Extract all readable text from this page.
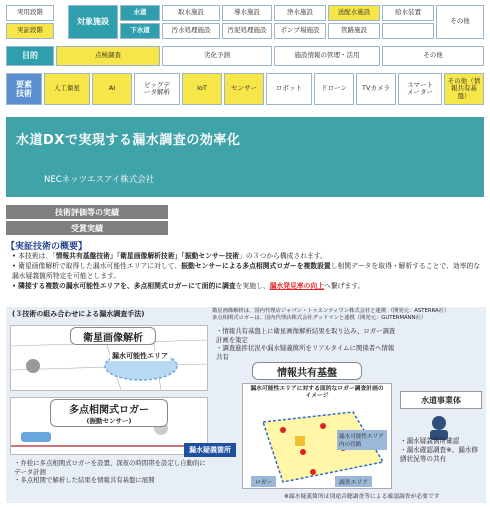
実用段階
実証段階
対象施設
水道	取水施設	導水施設	浄水施設	送配水施設	給水装置
その他
下水道	汚水処理施設	汚泥処理施設	ポンプ場施設	管路施設
目的	点検調査	劣化予測	施設情報の管理・活用	その他
要素技術
人工衛星	AI	ビッグデータ解析	IoT	センサー	ロボット	ドローン	TVカメラ	スマートメーター
その他（情報共有基盤）
水道DXで実現する漏水調査の効率化
NECネッツエスアイ株式会社
技術評価等の実績
受賞実績
【実証技術の概要】
• 本技術は、「情報共有基盤技術」「衛星画像解析技術」「振動センサー技術」の３つから構成されます。
• 衛星画像解析で取得した漏水可能性エリアに対して、振動センサーによる多点相関式ロガーを複数設置し相関データを取得・解析することで、効率的な漏水疑義箇所特定を可能とします。
• 隣接する複数の漏水可能性エリアを、多点相関式ロガーにて面的に調査を実施し、漏水発見率の向上へ繋げます。
(３技術の組み合わせによる漏水調査手法)	衛星画像解析は、国内代理店ジャパン・トゥエンティワン株式会社と連携 （開発元：ASTERRA社）
多点相関式ロガーは、国内代理店株式会社グッドマンと連携（開発元：GUTERMANN社）
衛星画像解析
漏水可能性エリア
多点相関式ロガー
(振動センサー)
漏水疑義箇所
・弁栓に多点相関式ロガーを設置、深夜の時間帯を設定し自動的にデータ計測
・多点相関で解析した結果を情報共有基盤に展開
・情報共有基盤上に衛星画像解析結果を取り込み、ロガー調査計画を策定
・調査進捗状況や漏水疑義箇所をリアルタイムに関係者へ情報共有
情報共有基盤
漏水可能性エリアに対する面的なロガー調査計画のイメージ
漏水可能性エリア内の管路
ロガー	調査エリア
水道事業体
・漏水疑義箇所確認
・漏水確認調査※、漏水修繕状況等の共有
※漏水疑義箇所は別途音聴調査等による確認調査が必要です
